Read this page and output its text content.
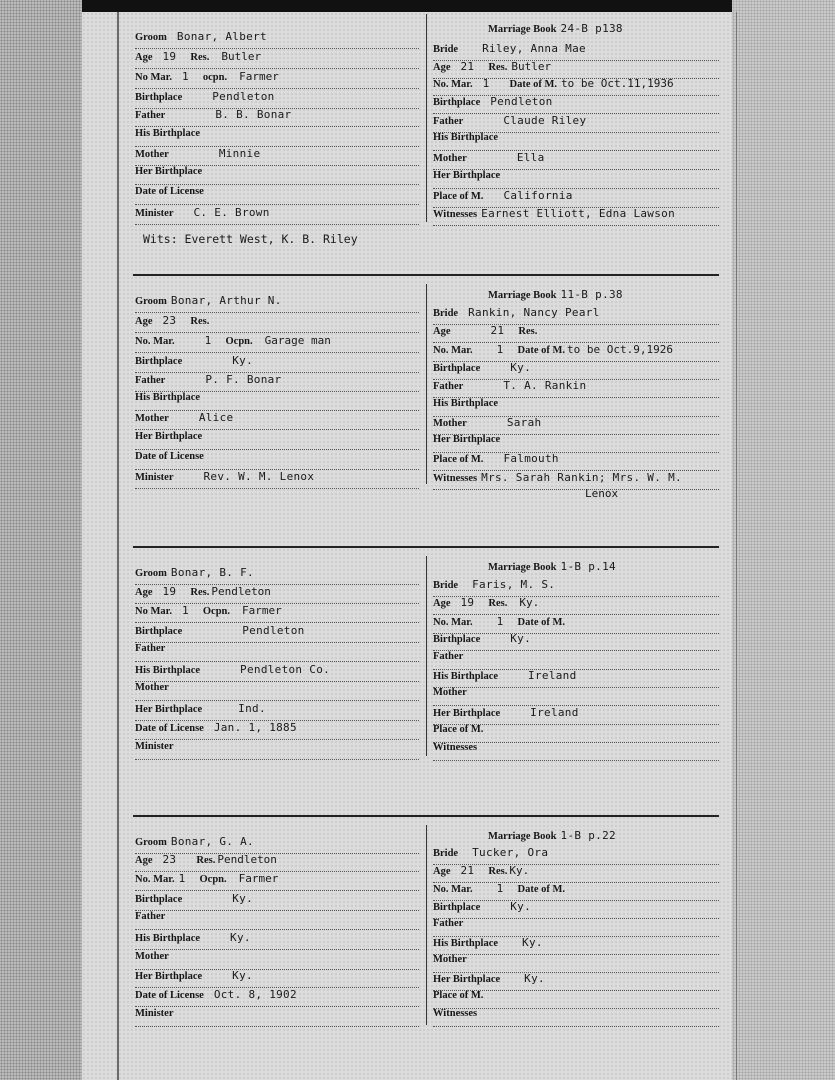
Marriage Book 24-B p138
Groom Bonar, Albert
Age 19 Res. Butler
No Mar. 1 ocpn. Farmer
Birthplace	Pendleton
Father	B. B. Bonar
His Birthplace
Mother	Minnie
Her Birthplace
Date of License
Minister C. E. Brown
Bride Riley, Anna Mae
Age 21 Res. Butler
No. Mar. 1 Date of M. to be Oct.11,1936
Birthplace Pendleton
Father	Claude Riley
His Birthplace
Mother	Ella
Her Birthplace
Place of M. California
Witnesses Earnest Elliott, Edna Lawson
Wits: Everett West, K. B. Riley
Marriage Book 11-B p.38
Groom Bonar, Arthur N.
Age 23 Res.
No. Mar.	1 Ocpn. Garage man
Birthplace	Ky.
Father	P. F. Bonar
His Birthplace
Mother	Alice
Her Birthplace
Date of License
Minister	Rev. W. M. Lenox
Bride Rankin, Nancy Pearl
Age	21 Res.
No. Mar. 1 Date of M. to be Oct.9,1926
Birthplace	Ky.
Father	T. A. Rankin
His Birthplace
Mother	Sarah
Her Birthplace
Place of M. Falmouth
Witnesses Mrs. Sarah Rankin; Mrs. W. M.
Lenox
Marriage Book 1-B p.14
Groom Bonar, B. F.
Age 19 Res. Pendleton
No Mar. 1 Ocpn. Farmer
Birthplace	Pendleton
Father
His Birthplace	Pendleton Co.
Mother
Her Birthplace	Ind.
Date of License Jan. 1, 1885
Minister
Bride Faris, M. S.
Age 19 Res. Ky.
No. Mar. 1 Date of M.
Birthplace	Ky.
Father
His Birthplace	Ireland
Mother
Her Birthplace	Ireland
Place of M.
Witnesses
Marriage Book 1-B p.22
Groom Bonar, G. A.
Age 23 Res. Pendleton
No. Mar. 1 Ocpn. Farmer
Birthplace	Ky.
Father
His Birthplace	Ky.
Mother
Her Birthplace	Ky.
Date of License Oct. 8, 1902
Minister
Bride Tucker, Ora
Age 21 Res. Ky.
No. Mar. 1 Date of M.
Birthplace	Ky.
Father
His Birthplace Ky.
Mother
Her Birthplace Ky.
Place of M.
Witnesses
